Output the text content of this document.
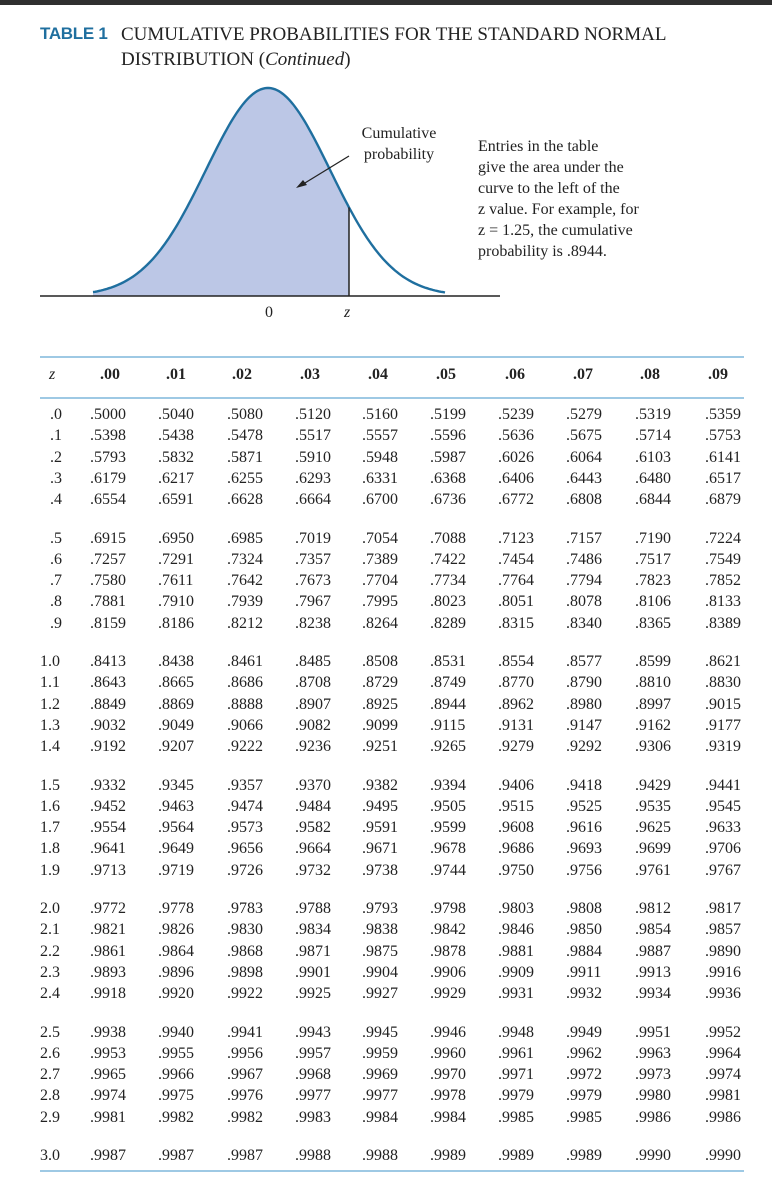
TABLE 1 CUMULATIVE PROBABILITIES FOR THE STANDARD NORMAL
DISTRIBUTION (Continued)
Cumulative
probability	Entries in the table
give the area under the
curve to the left of the
z value. For example, for
z = 1.25, the cumulative
probability is .8944.
0	z
z	.00	.01	.02	.03	.04	.05	.06	.07	.08	.09
.0 .5000 .5040 .5080 .5120 .5160 .5199 .5239 .5279 .5319 .5359
.1 .5398 .5438 .5478 .5517 .5557 .5596 .5636 .5675 .5714 .5753
.2 .5793 .5832 .5871 .5910 .5948 .5987 .6026 .6064 .6103 .6141
.3 .6179 .6217 .6255 .6293 .6331 .6368 .6406 .6443 .6480 .6517
.4 .6554 .6591 .6628 .6664 .6700 .6736 .6772 .6808 .6844 .6879
.5 .6915 .6950 .6985 .7019 .7054 .7088 .7123 .7157 .7190 .7224
.6 .7257 .7291 .7324 .7357 .7389 .7422 .7454 .7486 .7517 .7549
.7 .7580 .7611 .7642 .7673 .7704 .7734 .7764 .7794 .7823 .7852
.8 .7881 .7910 .7939 .7967 .7995 .8023 .8051 .8078 .8106 .8133
.9 .8159 .8186 .8212 .8238 .8264 .8289 .8315 .8340 .8365 .8389
1.0 .8413 .8438 .8461 .8485 .8508 .8531 .8554 .8577 .8599 .8621
1.1 .8643 .8665 .8686 .8708 .8729 .8749 .8770 .8790 .8810 .8830
1.2 .8849 .8869 .8888 .8907 .8925 .8944 .8962 .8980 .8997 .9015
1.3 .9032 .9049 .9066 .9082 .9099 .9115 .9131 .9147 .9162 .9177
1.4 .9192 .9207 .9222 .9236 .9251 .9265 .9279 .9292 .9306 .9319
1.5 .9332 .9345 .9357 .9370 .9382 .9394 .9406 .9418 .9429 .9441
1.6 .9452 .9463 .9474 .9484 .9495 .9505 .9515 .9525 .9535 .9545
1.7 .9554 .9564 .9573 .9582 .9591 .9599 .9608 .9616 .9625 .9633
1.8 .9641 .9649 .9656 .9664 .9671 .9678 .9686 .9693 .9699 .9706
1.9 .9713 .9719 .9726 .9732 .9738 .9744 .9750 .9756 .9761 .9767
2.0 .9772 .9778 .9783 .9788 .9793 .9798 .9803 .9808 .9812 .9817
2.1 .9821 .9826 .9830 .9834 .9838 .9842 .9846 .9850 .9854 .9857
2.2 .9861 .9864 .9868 .9871 .9875 .9878 .9881 .9884 .9887 .9890
2.3 .9893 .9896 .9898 .9901 .9904 .9906 .9909 .9911 .9913 .9916
2.4 .9918 .9920 .9922 .9925 .9927 .9929 .9931 .9932 .9934 .9936
2.5 .9938 .9940 .9941 .9943 .9945 .9946 .9948 .9949 .9951 .9952
2.6 .9953 .9955 .9956 .9957 .9959 .9960 .9961 .9962 .9963 .9964
2.7 .9965 .9966 .9967 .9968 .9969 .9970 .9971 .9972 .9973 .9974
2.8 .9974 .9975 .9976 .9977 .9977 .9978 .9979 .9979 .9980 .9981
2.9 .9981 .9982 .9982 .9983 .9984 .9984 .9985 .9985 .9986 .9986
3.0 .9987 .9987 .9987 .9988 .9988 .9989 .9989 .9989 .9990 .9990
